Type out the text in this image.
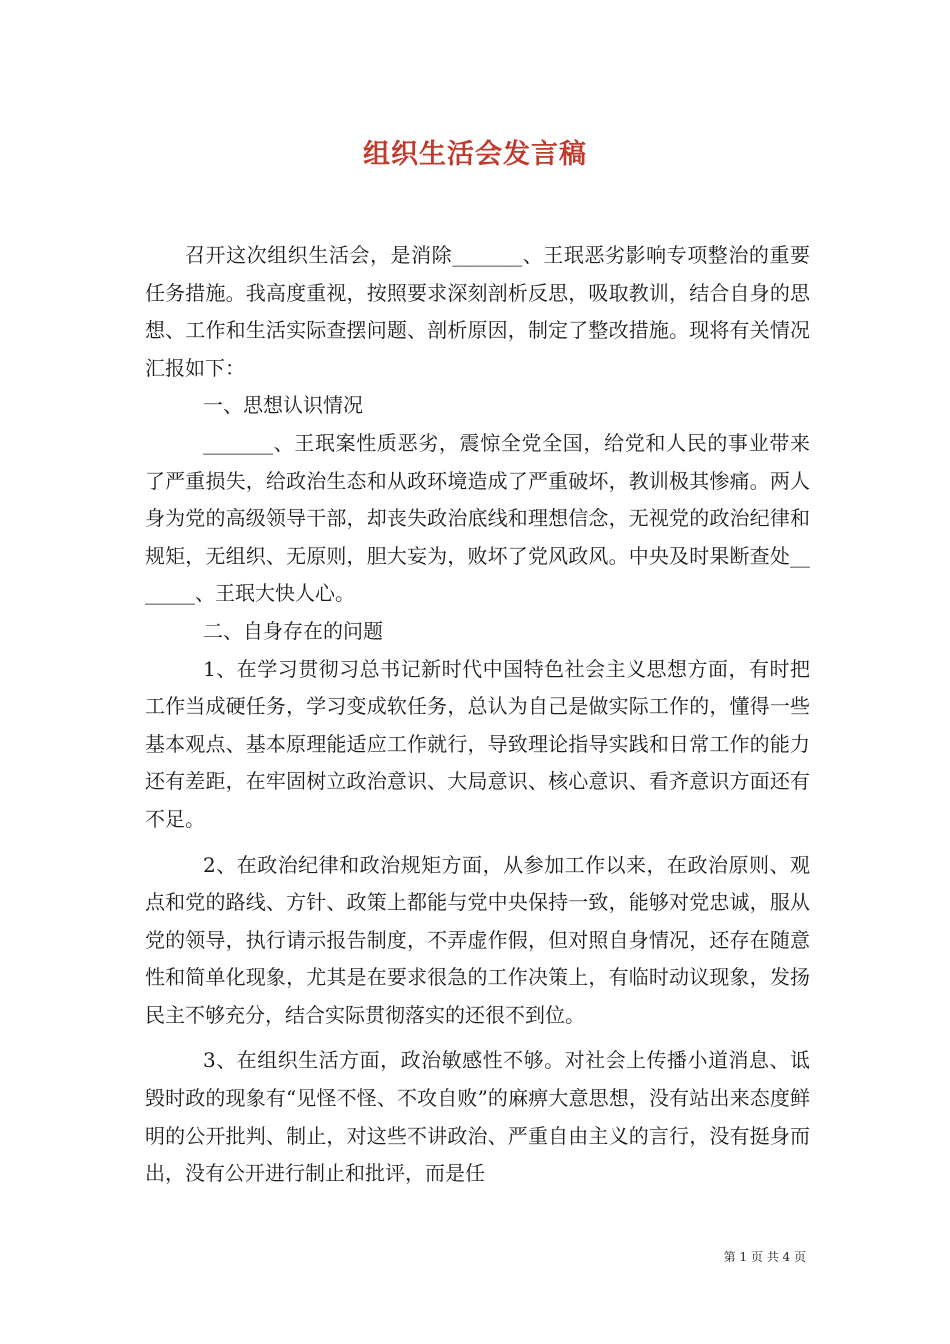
组织生活会发言稿

召开这次组织生活会，是消除_______、王珉恶劣影响专项整治的重要任务措施。我高度重视，按照要求深刻剖析反思，吸取教训，结合自身的思想、工作和生活实际查摆问题、剖析原因，制定了整改措施。现将有关情况汇报如下：

一、思想认识情况

_______、王珉案性质恶劣，震惊全党全国，给党和人民的事业带来了严重损失，给政治生态和从政环境造成了严重破坏，教训极其惨痛。两人身为党的高级领导干部，却丧失政治底线和理想信念，无视党的政治纪律和规矩，无组织、无原则，胆大妄为，败坏了党风政风。中央及时果断查处_______、王珉大快人心。

二、自身存在的问题

1、在学习贯彻习总书记新时代中国特色社会主义思想方面，有时把工作当成硬任务，学习变成软任务，总认为自己是做实际工作的，懂得一些基本观点、基本原理能适应工作就行，导致理论指导实践和日常工作的能力还有差距，在牢固树立政治意识、大局意识、核心意识、看齐意识方面还有不足。

2、在政治纪律和政治规矩方面，从参加工作以来，在政治原则、观点和党的路线、方针、政策上都能与党中央保持一致，能够对党忠诚，服从党的领导，执行请示报告制度，不弄虚作假，但对照自身情况，还存在随意性和简单化现象，尤其是在要求很急的工作决策上，有临时动议现象，发扬民主不够充分，结合实际贯彻落实的还很不到位。

3、在组织生活方面，政治敏感性不够。对社会上传播小道消息、诋毁时政的现象有“见怪不怪、不攻自败”的麻痹大意思想，没有站出来态度鲜明的公开批判、制止，对这些不讲政治、严重自由主义的言行，没有挺身而出，没有公开进行制止和批评，而是任

第 1 页 共 4 页
